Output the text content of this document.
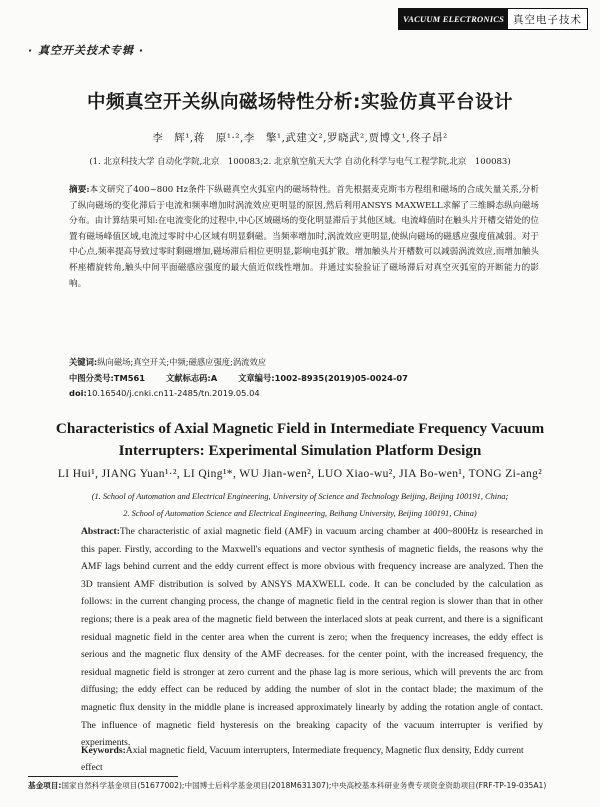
VACUUM ELECTRONICS 真空电子技术
· 真空开关技术专辑 ·
中频真空开关纵向磁场特性分析:实验仿真平台设计
李　辉¹,蒋　原¹·²,李　擎¹,武建文²,罗晓武²,贾博文¹,佟子昂²
(1. 北京科技大学 自动化学院,北京　100083;2. 北京航空航天大学 自动化科学与电气工程学院,北京　100083)

摘要:本文研究了400~800 Hz条件下纵磁真空火弧室内的磁场特性。首先根据麦克斯韦方程组和磁场的合成矢量关系,分析了纵向磁场的变化滞后于电流和频率增加时涡流效应更明显的原因,然后利用ANSYS MAXWELL求解了三维瞬态纵向磁场分布。由计算结果可知:在电流变化的过程中,中心区域磁场的变化明显滞后于其他区域。电流峰值时在触头片开槽交错处的位置有磁场峰值区域,电流过零时中心区域有明显剩磁。当频率增加时,涡流效应更明显,使纵向磁场的磁感应强度值减弱。对于中心点,频率提高导致过零时剩磁增加,磁场滞后相位更明显,影响电弧扩散。增加触头片开槽数可以减弱涡流效应,而增加触头杯座槽旋转角,触头中间平面磁感应强度的最大值近似线性增加。并通过实验验证了磁场滞后对真空灭弧室的开断能力的影响。

关键词:纵向磁场;真空开关;中频;磁感应强度;涡流效应
中图分类号:TM561	文献标志码:A	文章编号:1002-8935(2019)05-0024-07
doi:10.16540/j.cnki.cn11-2485/tn.2019.05.04
Characteristics of Axial Magnetic Field in Intermediate Frequency Vacuum Interrupters: Experimental Simulation Platform Design
LI Hui¹, JIANG Yuan¹·², LI Qing¹*, WU Jian-wen², LUO Xiao-wu², JIA Bo-wen¹, TONG Zi-ang²
(1. School of Automation and Electrical Engineering, University of Science and Technology Beijing, Beijing 100191, China;
2. School of Automation Science and Electrical Engineering, Beihang University, Beijing 100191, China)

Abstract:The characteristic of axial magnetic field (AMF) in vacuum arcing chamber at 400~800Hz is researched in this paper. Firstly, according to the Maxwell's equations and vector synthesis of magnetic fields, the reasons why the AMF lags behind current and the eddy current effect is more obvious with frequency increase are analyzed. Then the 3D transient AMF distribution is solved by ANSYS MAXWELL code. It can be concluded by the calculation as follows: in the current changing process, the change of magnetic field in the central region is slower than that in other regions; there is a peak area of the magnetic field between the interlaced slots at peak current, and there is a significant residual magnetic field in the center area when the current is zero; when the frequency increases, the eddy effect is serious and the magnetic flux density of the AMF decreases. for the center point, with the increased frequency, the residual magnetic field is stronger at zero current and the phase lag is more serious, which will prevents the arc from diffusing; the eddy effect can be reduced by adding the number of slot in the contact blade; the maximum of the magnetic flux density in the middle plane is increased approximately linearly by adding the rotation angle of contact. The influence of magnetic field hysteresis on the breaking capacity of the vacuum interrupter is verified by experiments.

Keywords:Axial magnetic field, Vacuum interrupters, Intermediate frequency, Magnetic flux density, Eddy current effect

基金项目:国家自然科学基金项目(51677002);中国博士后科学基金项目(2018M631307);中央高校基本科研业务费专项资金资助项目(FRF-TP-19-035A1)
